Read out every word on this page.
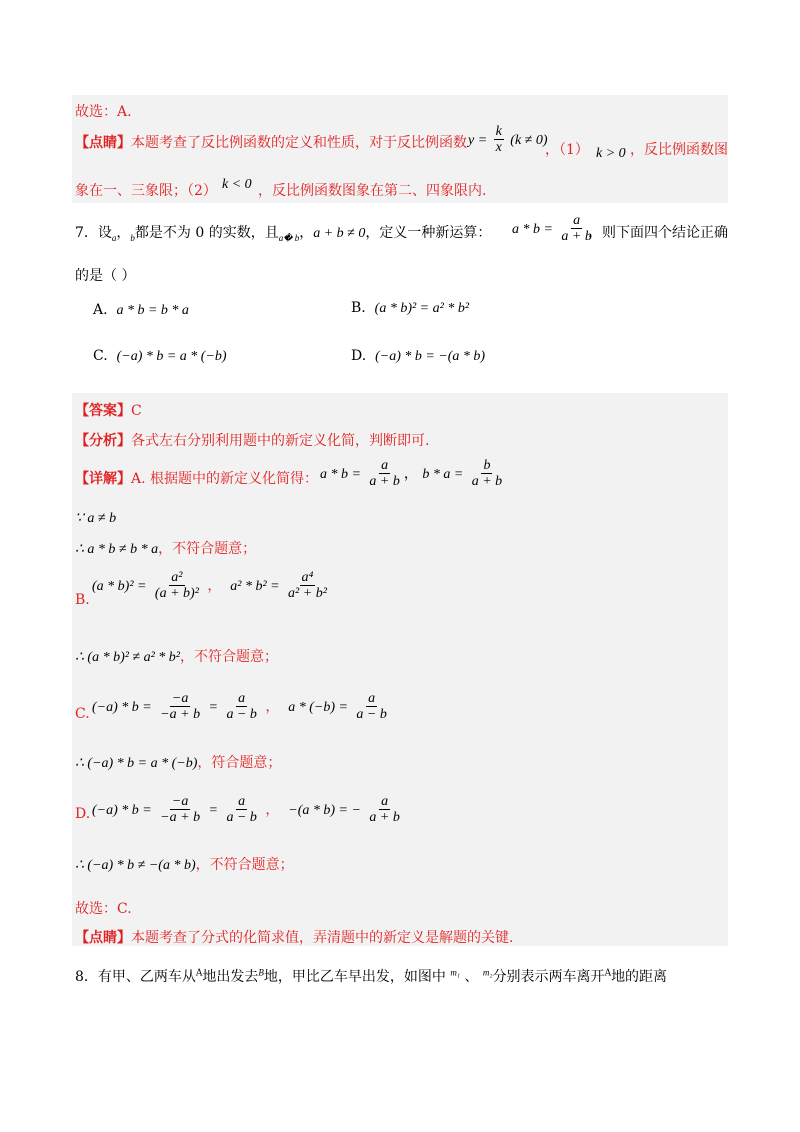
故选：A.
【点睛】本题考查了反比例函数的定义和性质，对于反比例函数 $y = \frac{k}{x} (k \ne 0)$
，（1） k > 0 ，反比例函数图
象在一、三象限；（2） k < 0 ，反比例函数图象在第二、四象限内.
7．设$_a$，$_b$都是不为 0 的实数，且$_{a� b}$，a + b ≠ 0，定义一种新运算： $a * b = \frac{a}{a + b}$
，则下面四个结论正确
的是（ ）
A. a * b = b * a	B. (a * b)² = a² * b²
C. (−a) * b = a * (−b)	D. (−a) * b = −(a * b)
【答案】C
【分析】各式左右分别利用题中的新定义化简，判断即可.
【详解】A. 根据题中的新定义化简得： $a * b = \frac{a}{a + b}$ ， $b * a = \frac{b}{a + b}$
∵ a ≠ b
∴ a * b ≠ b * a，不符合题意；
B.
$(a * b)^2 = \frac{\text{a²}}{\text{(a + b)²}}$ ， $a^2 * b^2 = \frac{\text{a⁴}}{\text{a² + b²}}$
∴ (a * b)² ≠ a² * b²，不符合题意；
C. $(-a) * b = \frac{-a}{-a + b} = \frac{a}{a - b}$ ， $a * (-b) = \frac{a}{a - b}$
∴ (−a) * b = a * (−b)，符合题意；
D. $(-a) * b = \frac{-a}{-a + b} = \frac{a}{a - b}$ ， −(a * b) = − $\frac{a}{a + b}$
∴ (−a) * b ≠ −(a * b)，不符合题意；
故选：C.
【点睛】本题考查了分式的化简求值，弄清题中的新定义是解题的关键.
8．有甲、乙两车从$^A$地出发去$^B$地，甲比乙车早出发，如图中 $^{m_1}$ 、 $^{m_2}$分别表示两车离开$^A$地的距离
